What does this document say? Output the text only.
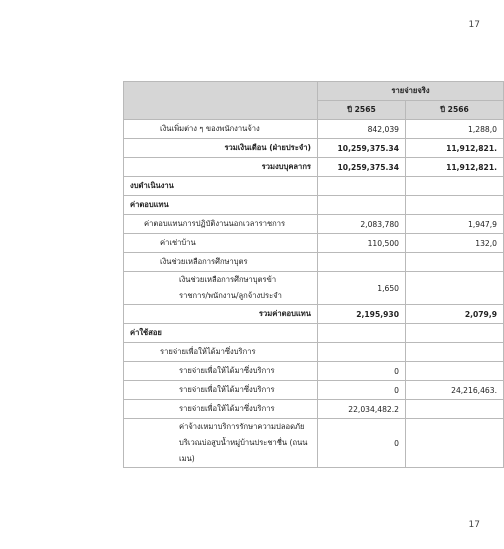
17
	รายจ่ายจริง	
	ปี 2565	ปี 2566
เงินเพิ่มต่าง ๆ ของพนักงานจ้าง	842,039	1,288,0
รวมเงินเดือน (ฝ่ายประจำ)	10,259,375.34	11,912,821.
รวมงบบุคลากร	10,259,375.34	11,912,821.
งบดำเนินงาน		
ค่าตอบแทน		
ค่าตอบแทนการปฏิบัติงานนอกเวลาราชการ	2,083,780	1,947,9
ค่าเช่าบ้าน	110,500	132,0
เงินช่วยเหลือการศึกษาบุตร		

เงินช่วยเหลือการศึกษาบุตรข้า
ราชการ/พนักงาน/ลูกจ้างประจำ	1,650	
รวมค่าตอบแทน	2,195,930	2,079,9
ค่าใช้สอย		
รายจ่ายเพื่อให้ได้มาซึ่งบริการ		
รายจ่ายเพื่อให้ได้มาซึ่งบริการ	0	
รายจ่ายเพื่อให้ได้มาซึ่งบริการ	0	24,216,463.
รายจ่ายเพื่อให้ได้มาซึ่งบริการ	22,034,482.2	

ค่าจ้างเหมาบริการรักษาความปลอดภัย
บริเวณบ่อสูบน้ำหมู่บ้านประชาชื่น (ถนน
เมน)	0	
17
